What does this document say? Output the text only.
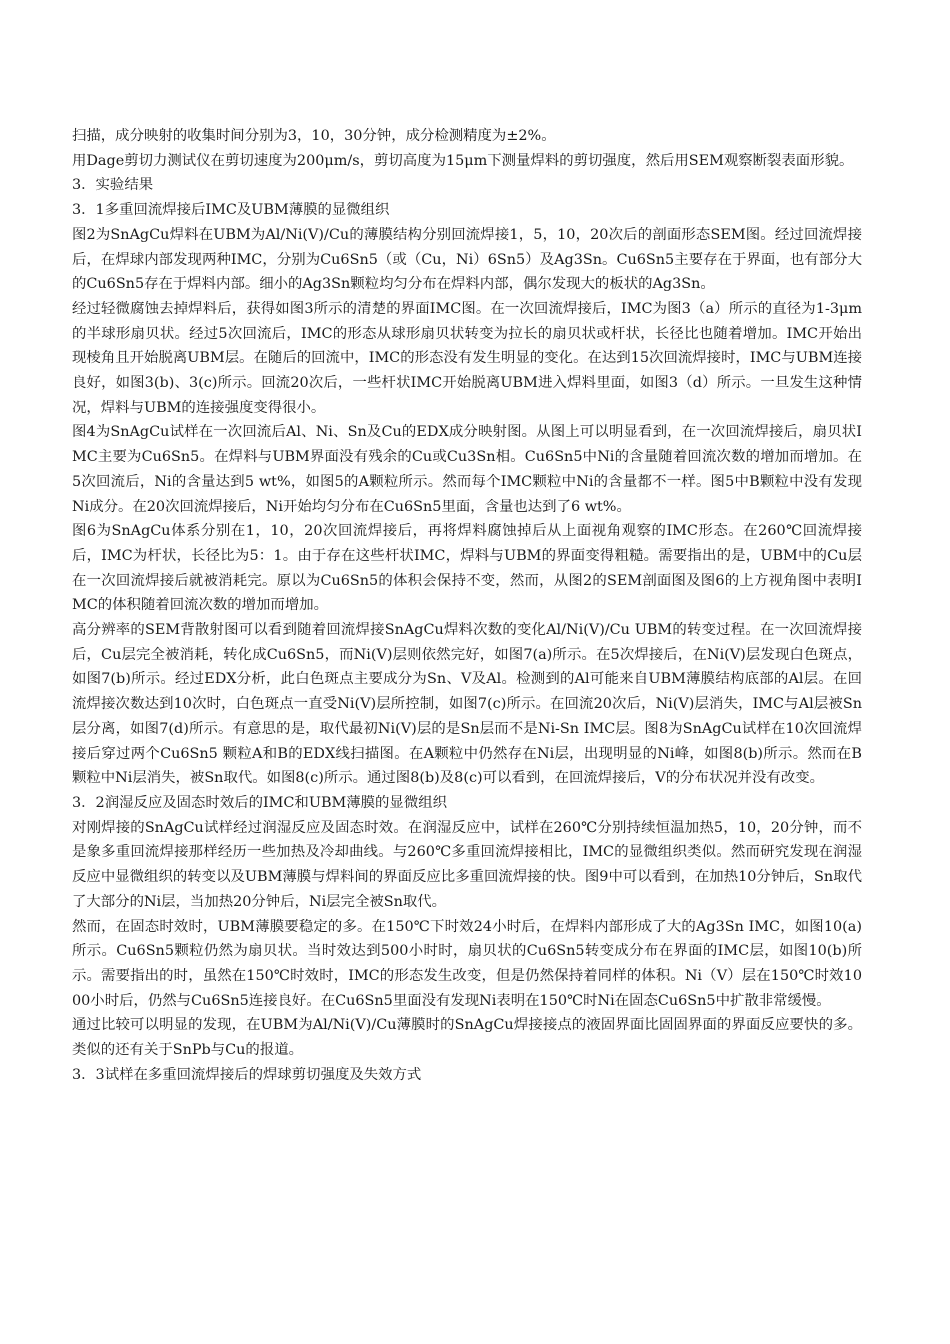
扫描，成分映射的收集时间分别为3，10，30分钟，成分检测精度为±2%。

用Dage剪切力测试仪在剪切速度为200μm/s，剪切高度为15μm下测量焊料的剪切强度，然后用SEM观察断裂表面形貌。

3．实验结果

3．1多重回流焊接后IMC及UBM薄膜的显微组织

图2为SnAgCu焊料在UBM为Al/Ni(V)/Cu的薄膜结构分别回流焊接1，5，10，20次后的剖面形态SEM图。经过回流焊接后，在焊球内部发现两种IMC，分别为Cu6Sn5（或（Cu，Ni）6Sn5）及Ag3Sn。Cu6Sn5主要存在于界面，也有部分大的Cu6Sn5存在于焊料内部。细小的Ag3Sn颗粒均匀分布在焊料内部，偶尔发现大的板状的Ag3Sn。

经过轻微腐蚀去掉焊料后，获得如图3所示的清楚的界面IMC图。在一次回流焊接后，IMC为图3（a）所示的直径为1-3μm的半球形扇贝状。经过5次回流后，IMC的形态从球形扇贝状转变为拉长的扇贝状或杆状，长径比也随着增加。IMC开始出现棱角且开始脱离UBM层。在随后的回流中，IMC的形态没有发生明显的变化。在达到15次回流焊接时，IMC与UBM连接良好，如图3(b)、3(c)所示。回流20次后，一些杆状IMC开始脱离UBM进入焊料里面，如图3（d）所示。一旦发生这种情况，焊料与UBM的连接强度变得很小。

图4为SnAgCu试样在一次回流后Al、Ni、Sn及Cu的EDX成分映射图。从图上可以明显看到，在一次回流焊接后，扇贝状IMC主要为Cu6Sn5。在焊料与UBM界面没有残余的Cu或Cu3Sn相。Cu6Sn5中Ni的含量随着回流次数的增加而增加。在5次回流后，Ni的含量达到5 wt%，如图5的A颗粒所示。然而每个IMC颗粒中Ni的含量都不一样。图5中B颗粒中没有发现Ni成分。在20次回流焊接后，Ni开始均匀分布在Cu6Sn5里面，含量也达到了6 wt%。

图6为SnAgCu体系分别在1，10，20次回流焊接后，再将焊料腐蚀掉后从上面视角观察的IMC形态。在260℃回流焊接后，IMC为杆状，长径比为5：1。由于存在这些杆状IMC，焊料与UBM的界面变得粗糙。需要指出的是，UBM中的Cu层在一次回流焊接后就被消耗完。原以为Cu6Sn5的体积会保持不变，然而，从图2的SEM剖面图及图6的上方视角图中表明IMC的体积随着回流次数的增加而增加。

高分辨率的SEM背散射图可以看到随着回流焊接SnAgCu焊料次数的变化Al/Ni(V)/Cu UBM的转变过程。在一次回流焊接后，Cu层完全被消耗，转化成Cu6Sn5，而Ni(V)层则依然完好，如图7(a)所示。在5次焊接后，在Ni(V)层发现白色斑点，如图7(b)所示。经过EDX分析，此白色斑点主要成分为Sn、V及Al。检测到的Al可能来自UBM薄膜结构底部的Al层。在回流焊接次数达到10次时，白色斑点一直受Ni(V)层所控制，如图7(c)所示。在回流20次后，Ni(V)层消失，IMC与Al层被Sn层分离，如图7(d)所示。有意思的是，取代最初Ni(V)层的是Sn层而不是Ni-Sn IMC层。图8为SnAgCu试样在10次回流焊接后穿过两个Cu6Sn5 颗粒A和B的EDX线扫描图。在A颗粒中仍然存在Ni层，出现明显的Ni峰，如图8(b)所示。然而在B颗粒中Ni层消失，被Sn取代。如图8(c)所示。通过图8(b)及8(c)可以看到，在回流焊接后，V的分布状况并没有改变。

3．2润湿反应及固态时效后的IMC和UBM薄膜的显微组织

对刚焊接的SnAgCu试样经过润湿反应及固态时效。在润湿反应中，试样在260℃分别持续恒温加热5，10，20分钟，而不是象多重回流焊接那样经历一些加热及冷却曲线。与260℃多重回流焊接相比，IMC的显微组织类似。然而研究发现在润湿反应中显微组织的转变以及UBM薄膜与焊料间的界面反应比多重回流焊接的快。图9中可以看到，在加热10分钟后，Sn取代了大部分的Ni层，当加热20分钟后，Ni层完全被Sn取代。

然而，在固态时效时，UBM薄膜要稳定的多。在150℃下时效24小时后，在焊料内部形成了大的Ag3Sn IMC，如图10(a)所示。Cu6Sn5颗粒仍然为扇贝状。当时效达到500小时时，扇贝状的Cu6Sn5转变成分布在界面的IMC层，如图10(b)所示。需要指出的时，虽然在150℃时效时，IMC的形态发生改变，但是仍然保持着同样的体积。Ni（V）层在150℃时效1000小时后，仍然与Cu6Sn5连接良好。在Cu6Sn5里面没有发现Ni表明在150℃时Ni在固态Cu6Sn5中扩散非常缓慢。

通过比较可以明显的发现，在UBM为Al/Ni(V)/Cu薄膜时的SnAgCu焊接接点的液固界面比固固界面的界面反应要快的多。类似的还有关于SnPb与Cu的报道。

3．3试样在多重回流焊接后的焊球剪切强度及失效方式
